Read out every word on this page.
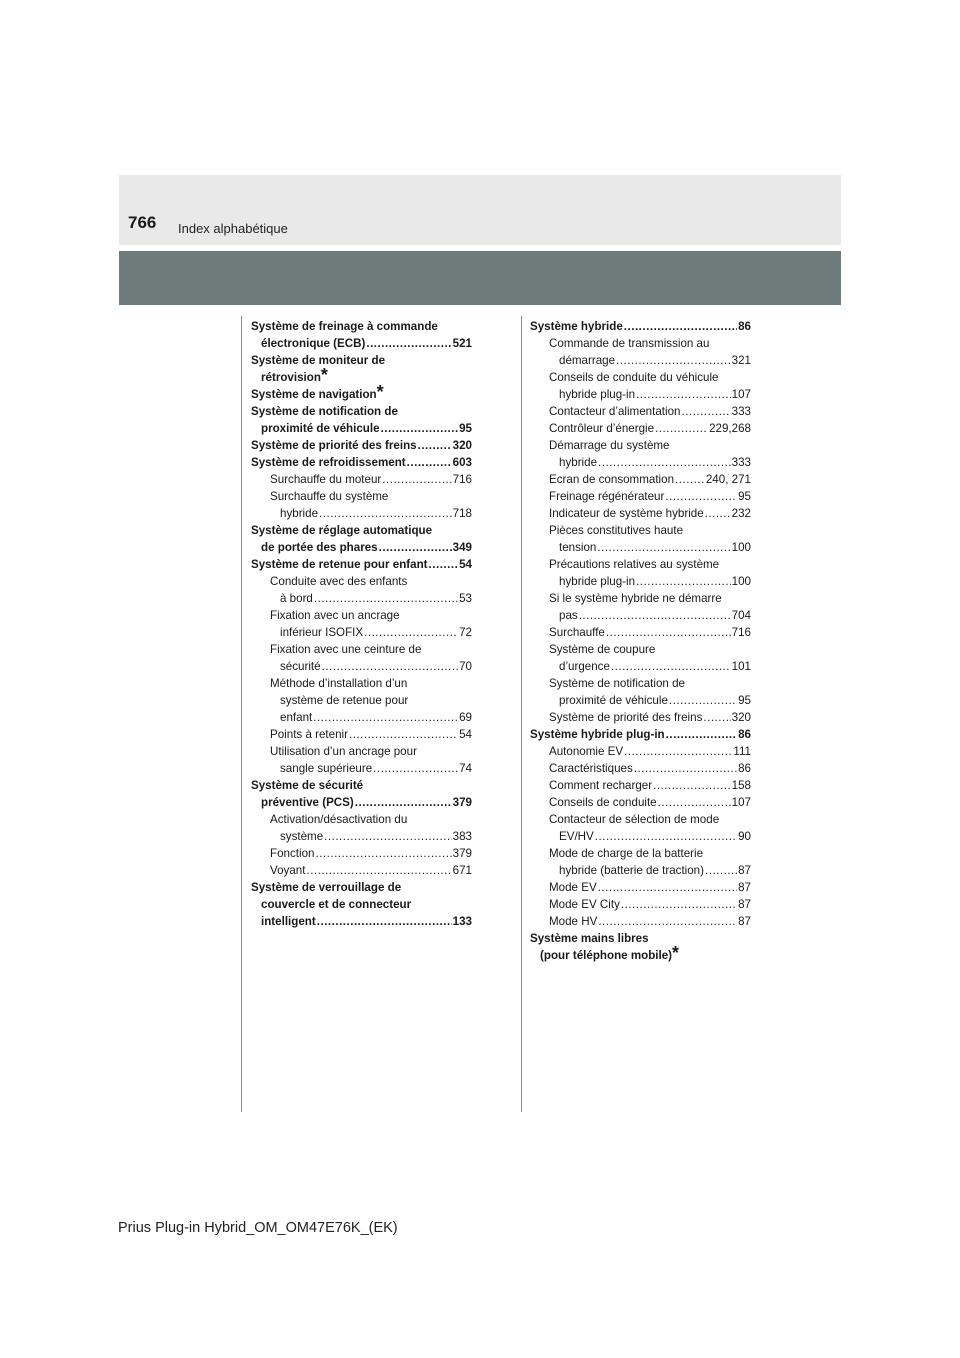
766 Index alphabétique
Système de freinage à commande
électronique (ECB) .....	521
Système de moniteur de
rétrovision *
Système de navigation *
Système de notification de
proximité de véhicule .....	95
Système de priorité des freins .....	320
Système de refroidissement .....	603
Surchauffe du moteur .....	716
Surchauffe du système
hybride .....	718
Système de réglage automatique
de portée des phares .....	349
Système de retenue pour enfant .....	54
Conduite avec des enfants
à bord .....	53
Fixation avec un ancrage
inférieur ISOFIX .....	72
Fixation avec une ceinture de
sécurité .....	70
Méthode d’installation d’un
système de retenue pour
enfant .....	69
Points à retenir .....	54
Utilisation d’un ancrage pour
sangle supérieure .....	74
Système de sécurité
préventive (PCS) .....	379
Activation/désactivation du
système .....	383
Fonction .....	379
Voyant .....	671
Système de verrouillage de
couvercle et de connecteur
intelligent .....	133
Système hybride .....	86
Commande de transmission au
démarrage .....	321
Conseils de conduite du véhicule
hybride plug-in .....	107
Contacteur d’alimentation .....	333
Contrôleur d’énergie .....	229,268
Démarrage du système
hybride .....	333
Ecran de consommation .....	240, 271
Freinage régénérateur .....	95
Indicateur de système hybride ..... 232
Pièces constitutives haute
tension .....	100
Précautions relatives au système
hybride plug-in .....	100
Si le système hybride ne démarre
pas .....	704
Surchauffe .....	716
Système de coupure
d’urgence .....	101
Système de notification de
proximité de véhicule .....	95
Système de priorité des freins .....	320
Système hybride plug-in .....	86
Autonomie EV .....	111
Caractéristiques .....	86
Comment recharger .....	158
Conseils de conduite .....	107
Contacteur de sélection de mode
EV/HV .....	90
Mode de charge de la batterie
hybride (batterie de traction) .....	87
Mode EV .....	87
Mode EV City .....	87
Mode HV .....	87
Système mains libres
(pour téléphone mobile) *
Prius Plug-in Hybrid_OM_OM47E76K_(EK)
